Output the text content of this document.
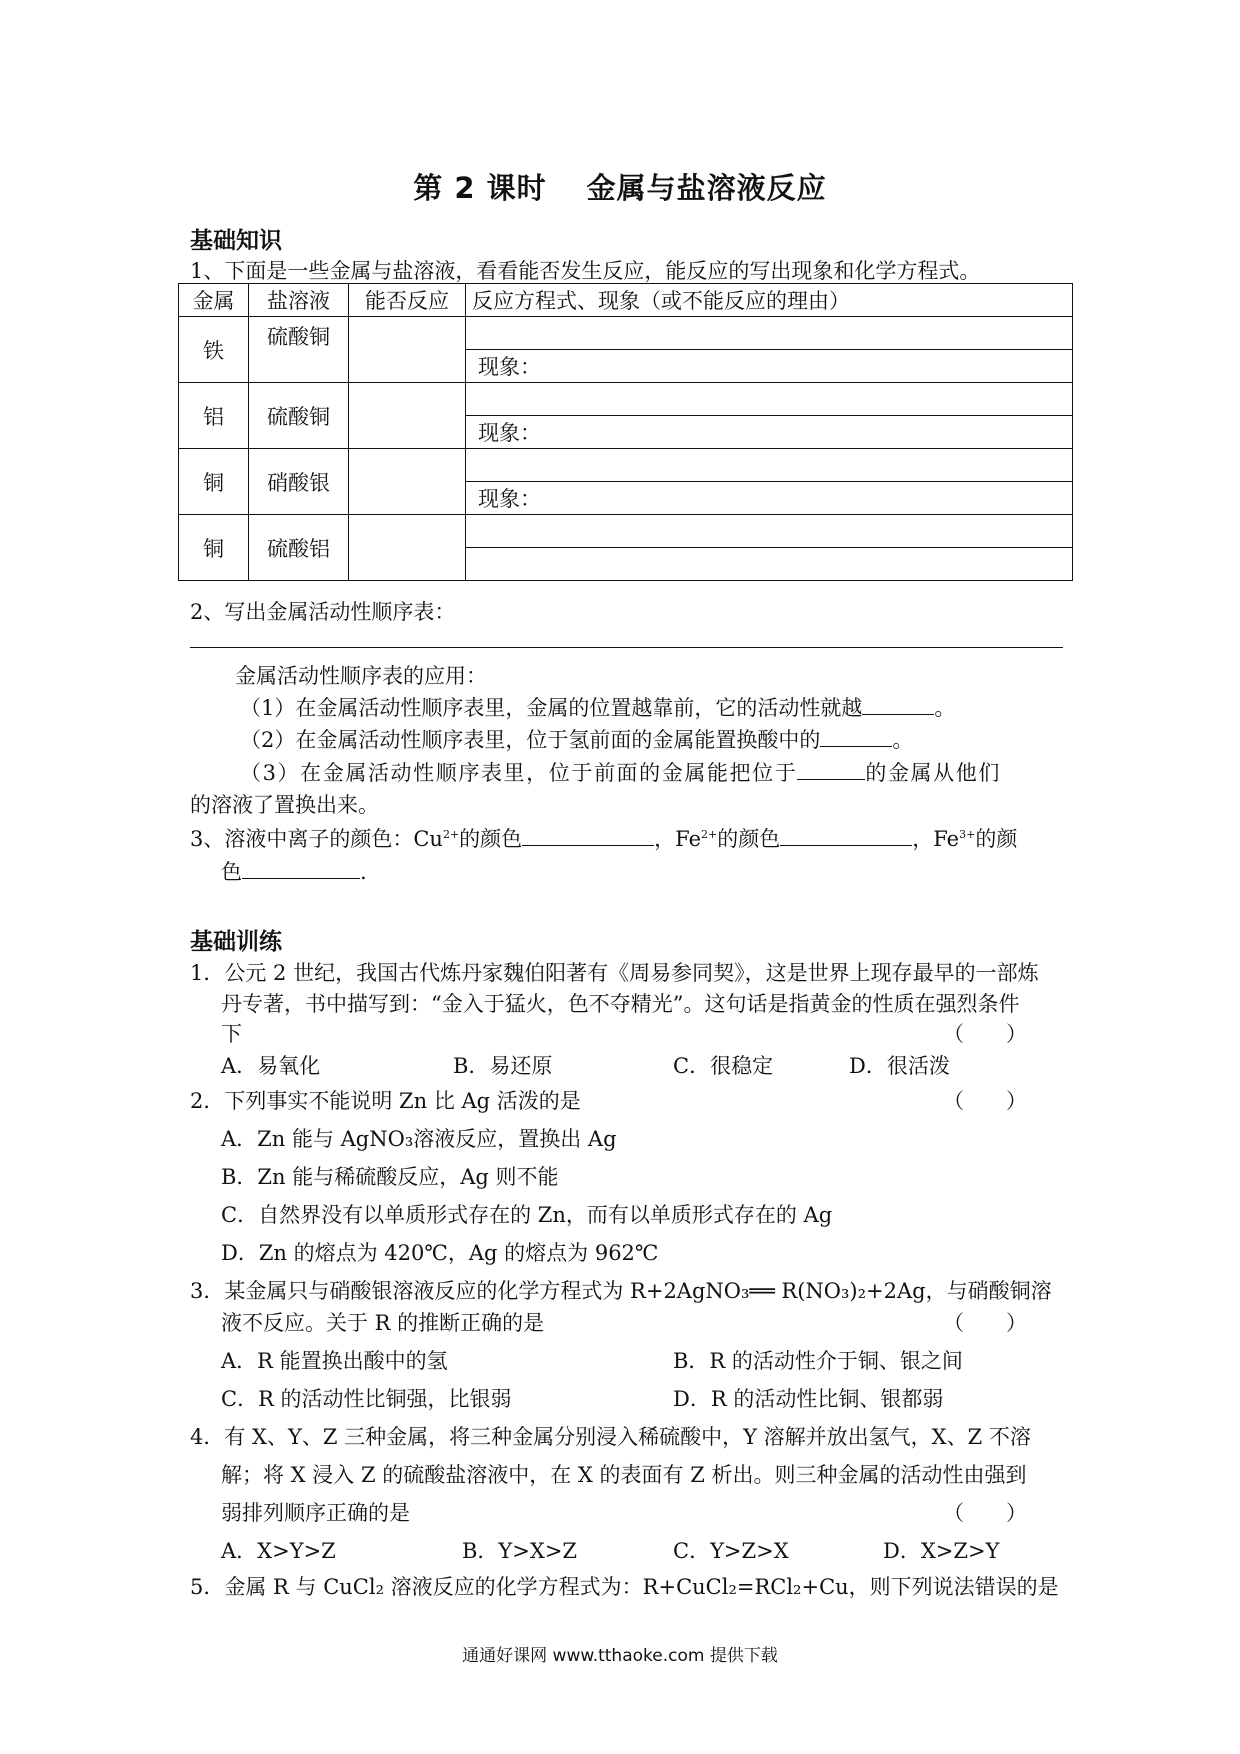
第 2 课时 金属与盐溶液反应
基础知识
1、下面是一些金属与盐溶液，看看能否发生反应，能反应的写出现象和化学方程式。
金属	盐溶液	能否反应	反应方程式、现象（或不能反应的理由）
铁	硫酸铜		
			现象：
铝	硫酸铜		
			现象：
铜	硝酸银		
			现象：
铜	硫酸铝		

2、写出金属活动性顺序表：
金属活动性顺序表的应用：
（1）在金属活动性顺序表里，金属的位置越靠前，它的活动性就越	。
（2）在金属活动性顺序表里，位于氢前面的金属能置换酸中的	。
（3）在金属活动性顺序表里，位于前面的金属能把位于	的金属从他们
的溶液了置换出来。
3、溶液中离子的颜色：$Cu^{2+}$的颜色	，$Fe^{2+}$的颜色	，$Fe^{3+}$的颜
色	.
基础训练
1．公元 2 世纪，我国古代炼丹家魏伯阳著有《周易参同契》，这是世界上现存最早的一部炼
丹专著，书中描写到：“金入于猛火，色不夺精光”。这句话是指黄金的性质在强烈条件
下	（　　）
A．易氧化	B．易还原	C．很稳定	D．很活泼
2．下列事实不能说明 Zn 比 Ag 活泼的是	（　　）
A．Zn 能与 AgNO₃溶液反应，置换出 Ag
B．Zn 能与稀硫酸反应，Ag 则不能
C．自然界没有以单质形式存在的 Zn，而有以单质形式存在的 Ag
D．Zn 的熔点为 420℃，Ag 的熔点为 962℃
3．某金属只与硝酸银溶液反应的化学方程式为 R+2AgNO₃══ R(NO₃)₂+2Ag，与硝酸铜溶
液不反应。关于 R 的推断正确的是	（　　）
A．R 能置换出酸中的氢	B．R 的活动性介于铜、银之间
C．R 的活动性比铜强，比银弱	D．R 的活动性比铜、银都弱
4．有 X、Y、Z 三种金属，将三种金属分别浸入稀硫酸中，Y 溶解并放出氢气，X、Z 不溶
解；将 X 浸入 Z 的硫酸盐溶液中，在 X 的表面有 Z 析出。则三种金属的活动性由强到
弱排列顺序正确的是	（　　）
A．X>Y>Z	B．Y>X>Z	C．Y>Z>X	D．X>Z>Y
5．金属 R 与 CuCl₂ 溶液反应的化学方程式为：R+CuCl₂=RCl₂+Cu，则下列说法错误的是
通通好课网 www.tthaoke.com 提供下载
